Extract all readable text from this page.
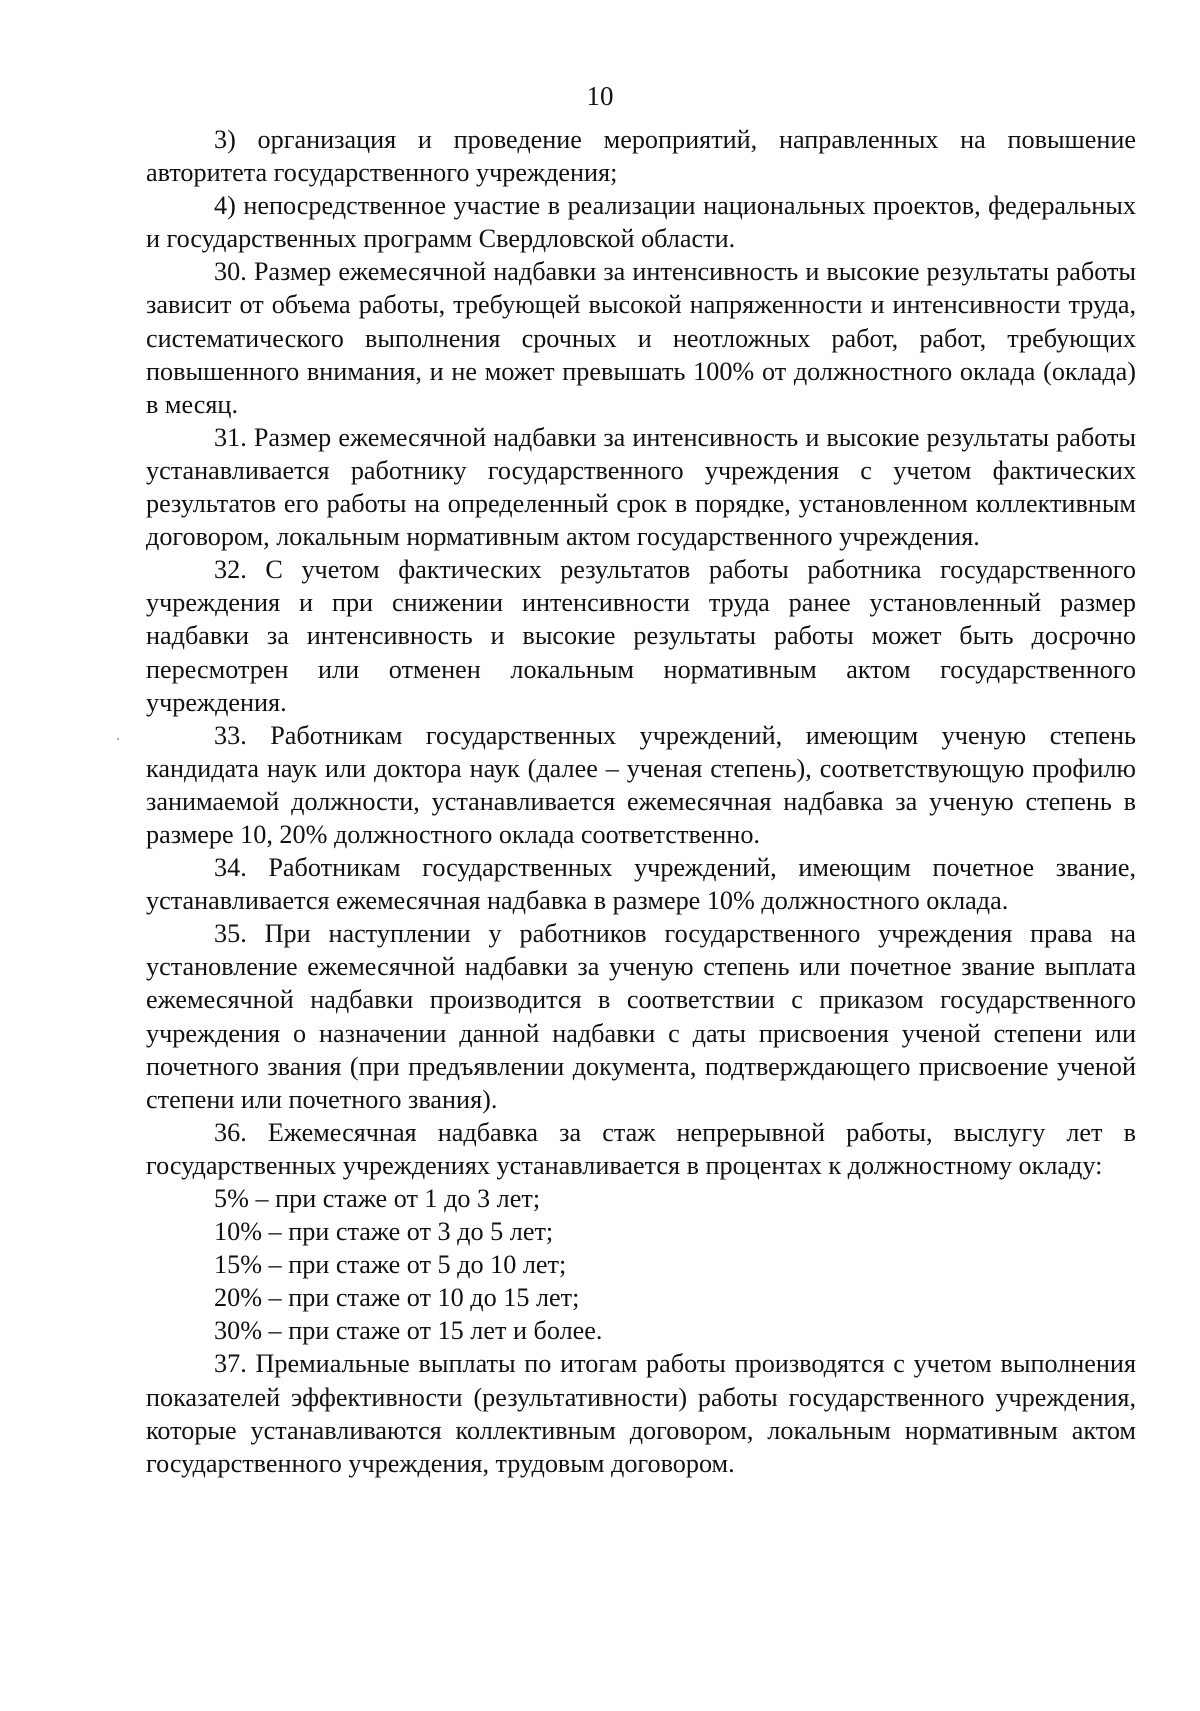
10

3) организация и проведение мероприятий, направленных на повышение авторитета государственного учреждения;

4) непосредственное участие в реализации национальных проектов, федеральных и государственных программ Свердловской области.

30. Размер ежемесячной надбавки за интенсивность и высокие результаты работы зависит от объема работы, требующей высокой напряженности и интенсивности труда, систематического выполнения срочных и неотложных работ, работ, требующих повышенного внимания, и не может превышать 100% от должностного оклада (оклада) в месяц.

31. Размер ежемесячной надбавки за интенсивность и высокие результаты работы устанавливается работнику государственного учреждения с учетом фактических результатов его работы на определенный срок в порядке, установленном коллективным договором, локальным нормативным актом государственного учреждения.

32. С учетом фактических результатов работы работника государственного учреждения и при снижении интенсивности труда ранее установленный размер надбавки за интенсивность и высокие результаты работы может быть досрочно пересмотрен или отменен локальным нормативным актом государственного учреждения.

33. Работникам государственных учреждений, имеющим ученую степень кандидата наук или доктора наук (далее – ученая степень), соответствующую профилю занимаемой должности, устанавливается ежемесячная надбавка за ученую степень в размере 10, 20% должностного оклада соответственно.

34. Работникам государственных учреждений, имеющим почетное звание, устанавливается ежемесячная надбавка в размере 10% должностного оклада.

35. При наступлении у работников государственного учреждения права на установление ежемесячной надбавки за ученую степень или почетное звание выплата ежемесячной надбавки производится в соответствии с приказом государственного учреждения о назначении данной надбавки с даты присвоения ученой степени или почетного звания (при предъявлении документа, подтверждающего присвоение ученой степени или почетного звания).

36. Ежемесячная надбавка за стаж непрерывной работы, выслугу лет в государственных учреждениях устанавливается в процентах к должностному окладу:

5% – при стаже от 1 до 3 лет;

10% – при стаже от 3 до 5 лет;

15% – при стаже от 5 до 10 лет;

20% – при стаже от 10 до 15 лет;

30% – при стаже от 15 лет и более.

37. Премиальные выплаты по итогам работы производятся с учетом выполнения показателей эффективности (результативности) работы государственного учреждения, которые устанавливаются коллективным договором, локальным нормативным актом государственного учреждения, трудовым договором.
